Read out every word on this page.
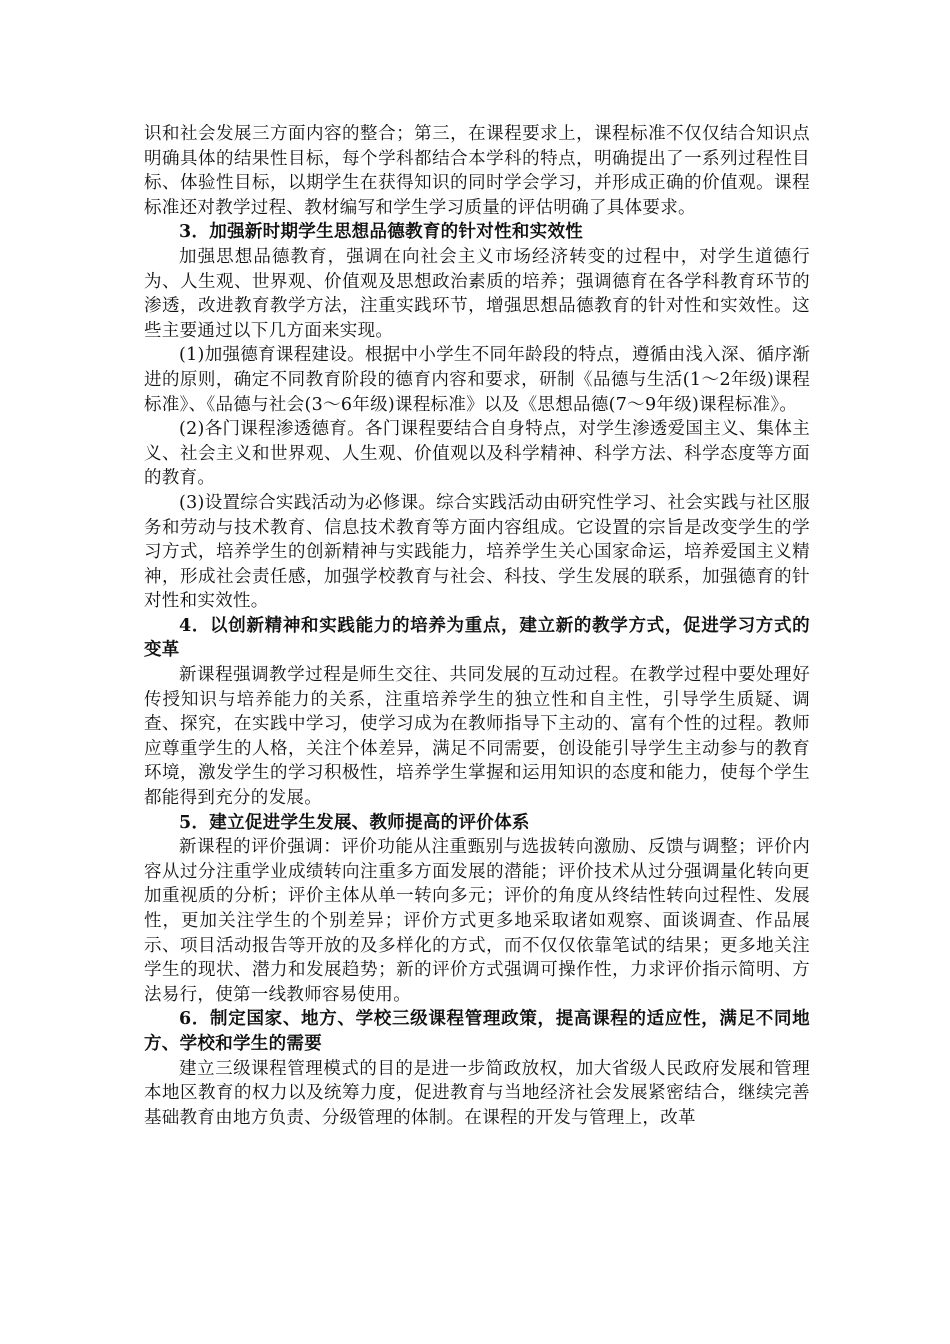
识和社会发展三方面内容的整合；第三，在课程要求上，课程标准不仅仅结合知识点明确具体的结果性目标，每个学科都结合本学科的特点，明确提出了一系列过程性目标、体验性目标，以期学生在获得知识的同时学会学习，并形成正确的价值观。课程标准还对教学过程、教材编写和学生学习质量的评估明确了具体要求。

3．加强新时期学生思想品德教育的针对性和实效性

加强思想品德教育，强调在向社会主义市场经济转变的过程中，对学生道德行为、人生观、世界观、价值观及思想政治素质的培养；强调德育在各学科教育环节的渗透，改进教育教学方法，注重实践环节，增强思想品德教育的针对性和实效性。这些主要通过以下几方面来实现。

(1)加强德育课程建设。根据中小学生不同年龄段的特点，遵循由浅入深、循序渐进的原则，确定不同教育阶段的德育内容和要求，研制《品德与生活(1～2年级)课程标准》、《品德与社会(3～6年级)课程标准》以及《思想品德(7～9年级)课程标准》。

(2)各门课程渗透德育。各门课程要结合自身特点，对学生渗透爱国主义、集体主义、社会主义和世界观、人生观、价值观以及科学精神、科学方法、科学态度等方面的教育。

(3)设置综合实践活动为必修课。综合实践活动由研究性学习、社会实践与社区服务和劳动与技术教育、信息技术教育等方面内容组成。它设置的宗旨是改变学生的学习方式，培养学生的创新精神与实践能力，培养学生关心国家命运，培养爱国主义精神，形成社会责任感，加强学校教育与社会、科技、学生发展的联系，加强德育的针对性和实效性。

4．以创新精神和实践能力的培养为重点，建立新的教学方式，促进学习方式的变革

新课程强调教学过程是师生交往、共同发展的互动过程。在教学过程中要处理好传授知识与培养能力的关系，注重培养学生的独立性和自主性，引导学生质疑、调查、探究，在实践中学习，使学习成为在教师指导下主动的、富有个性的过程。教师应尊重学生的人格，关注个体差异，满足不同需要，创设能引导学生主动参与的教育环境，激发学生的学习积极性，培养学生掌握和运用知识的态度和能力，使每个学生都能得到充分的发展。

5．建立促进学生发展、教师提高的评价体系

新课程的评价强调：评价功能从注重甄别与选拔转向激励、反馈与调整；评价内容从过分注重学业成绩转向注重多方面发展的潜能；评价技术从过分强调量化转向更加重视质的分析；评价主体从单一转向多元；评价的角度从终结性转向过程性、发展性，更加关注学生的个别差异；评价方式更多地采取诸如观察、面谈调查、作品展示、项目活动报告等开放的及多样化的方式，而不仅仅依靠笔试的结果；更多地关注学生的现状、潜力和发展趋势；新的评价方式强调可操作性，力求评价指示简明、方法易行，使第一线教师容易使用。

6．制定国家、地方、学校三级课程管理政策，提高课程的适应性，满足不同地方、学校和学生的需要

建立三级课程管理模式的目的是进一步简政放权，加大省级人民政府发展和管理本地区教育的权力以及统筹力度，促进教育与当地经济社会发展紧密结合，继续完善基础教育由地方负责、分级管理的体制。在课程的开发与管理上，改革
